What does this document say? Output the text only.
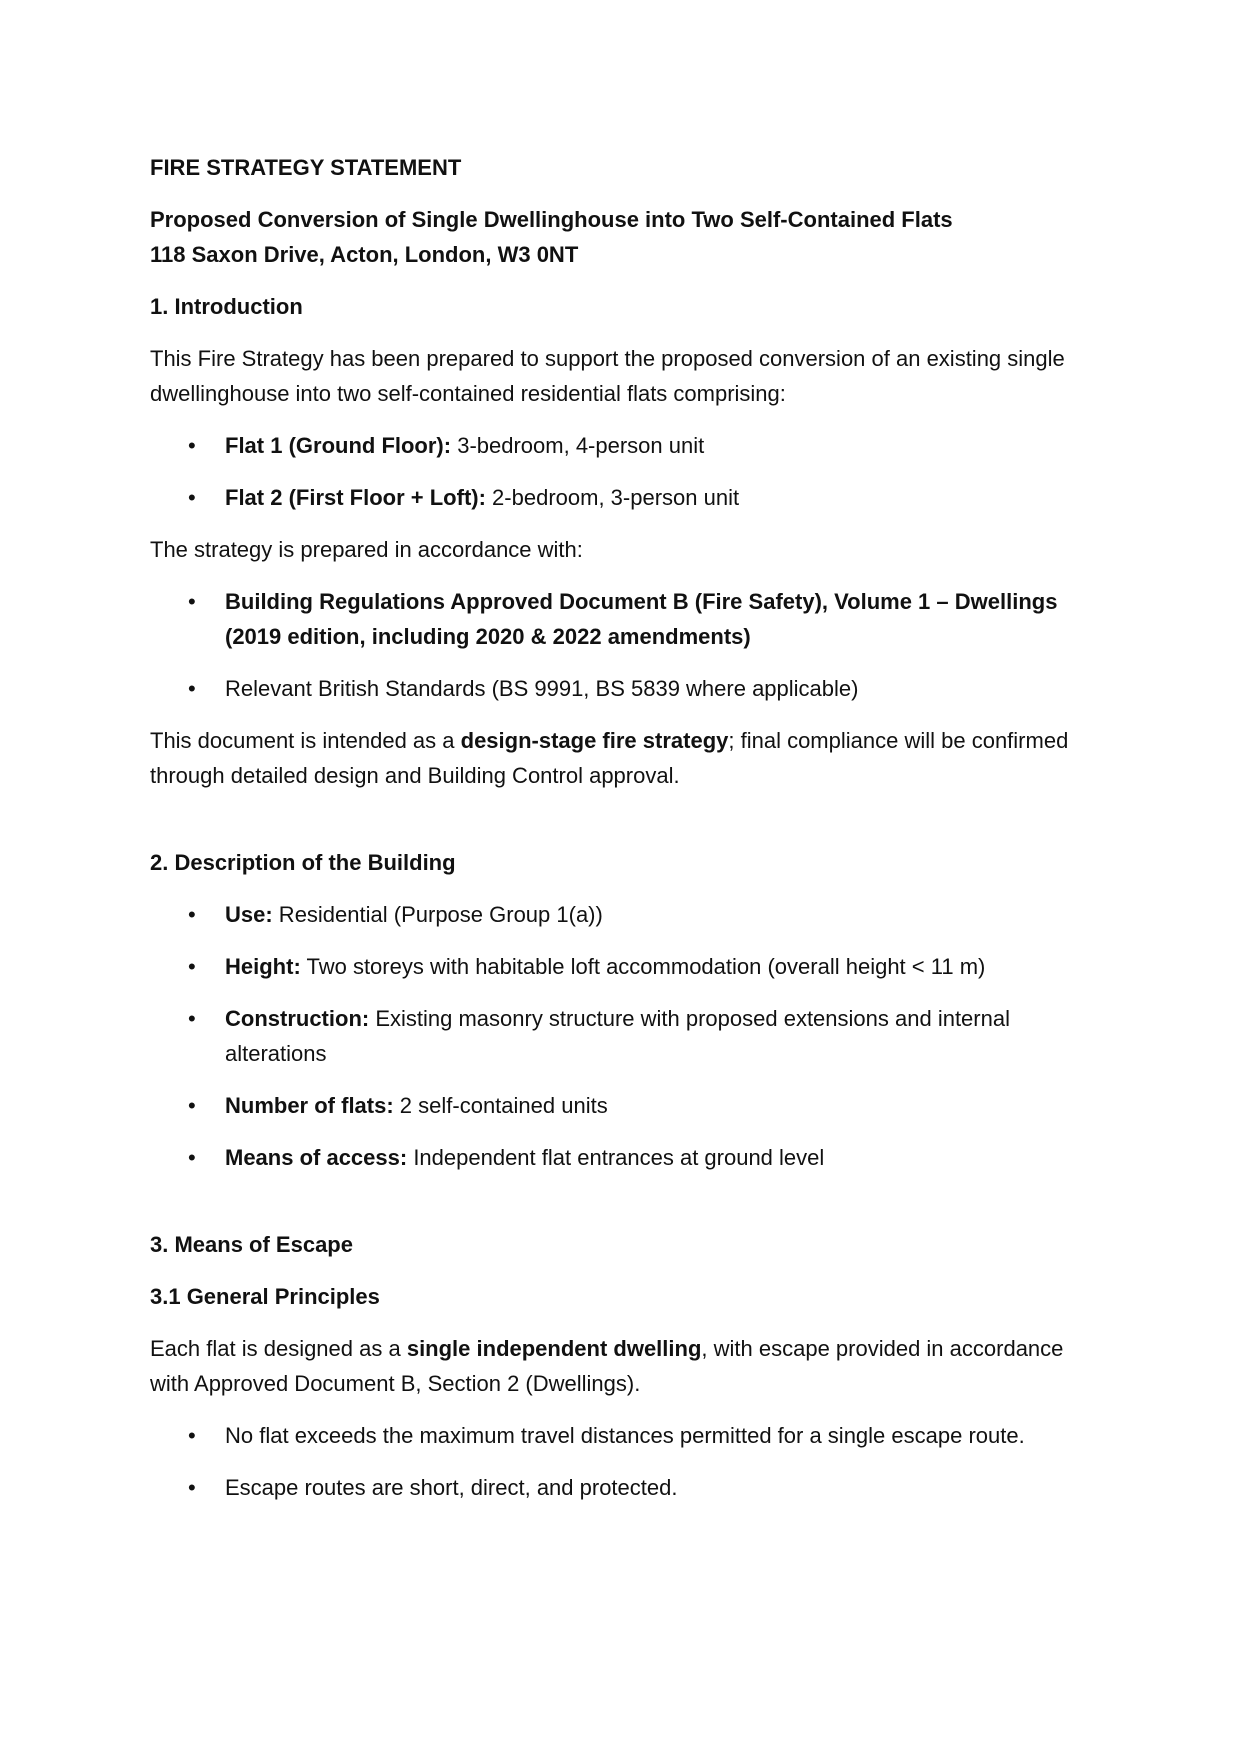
FIRE STRATEGY STATEMENT

Proposed Conversion of Single Dwellinghouse into Two Self-Contained Flats
118 Saxon Drive, Acton, London, W3 0NT

1. Introduction

This Fire Strategy has been prepared to support the proposed conversion of an existing single dwellinghouse into two self-contained residential flats comprising:

• Flat 1 (Ground Floor): 3-bedroom, 4-person unit
• Flat 2 (First Floor + Loft): 2-bedroom, 3-person unit

The strategy is prepared in accordance with:

• Building Regulations Approved Document B (Fire Safety), Volume 1 – Dwellings (2019 edition, including 2020 & 2022 amendments)
• Relevant British Standards (BS 9991, BS 5839 where applicable)

This document is intended as a design-stage fire strategy; final compliance will be confirmed through detailed design and Building Control approval.

2. Description of the Building

• Use: Residential (Purpose Group 1(a))
• Height: Two storeys with habitable loft accommodation (overall height < 11 m)
• Construction: Existing masonry structure with proposed extensions and internal alterations
• Number of flats: 2 self-contained units
• Means of access: Independent flat entrances at ground level

3. Means of Escape

3.1 General Principles

Each flat is designed as a single independent dwelling, with escape provided in accordance with Approved Document B, Section 2 (Dwellings).

• No flat exceeds the maximum travel distances permitted for a single escape route.
• Escape routes are short, direct, and protected.
